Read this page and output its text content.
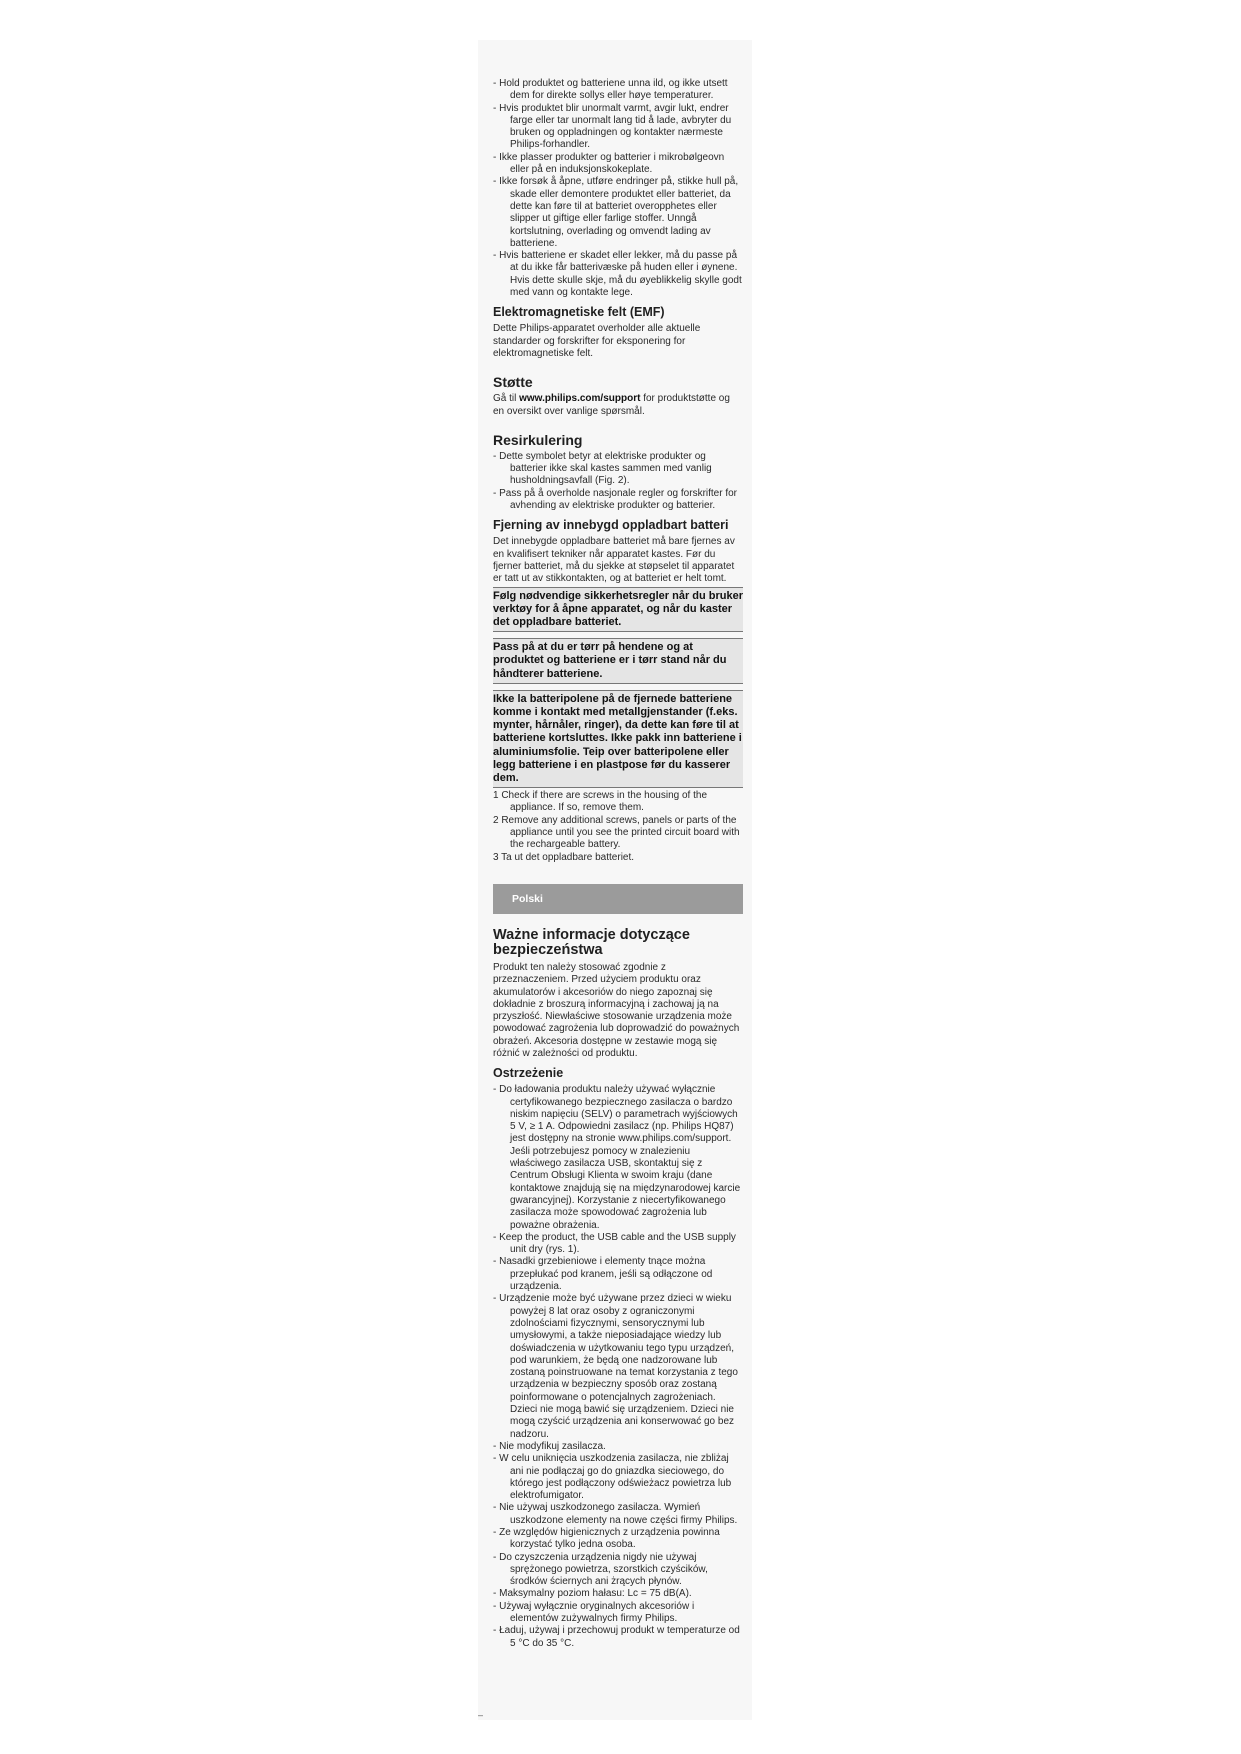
- Hold produktet og batteriene unna ild, og ikke utsett dem for direkte sollys eller høye temperaturer.
- Hvis produktet blir unormalt varmt, avgir lukt, endrer farge eller tar unormalt lang tid å lade, avbryter du bruken og oppladningen og kontakter nærmeste Philips-forhandler.
- Ikke plasser produkter og batterier i mikrobølgeovn eller på en induksjonskokeplate.
- Ikke forsøk å åpne, utføre endringer på, stikke hull på, skade eller demontere produktet eller batteriet, da dette kan føre til at batteriet overopphetes eller slipper ut giftige eller farlige stoffer. Unngå kortslutning, overlading og omvendt lading av batteriene.
- Hvis batteriene er skadet eller lekker, må du passe på at du ikke får batterivæske på huden eller i øynene. Hvis dette skulle skje, må du øyeblikkelig skylle godt med vann og kontakte lege.
Elektromagnetiske felt (EMF)

Dette Philips-apparatet overholder alle aktuelle standarder og forskrifter for eksponering for elektromagnetiske felt.

Støtte

Gå til www.philips.com/support for produktstøtte og en oversikt over vanlige spørsmål.

Resirkulering
- Dette symbolet betyr at elektriske produkter og batterier ikke skal kastes sammen med vanlig husholdningsavfall (Fig. 2).
- Pass på å overholde nasjonale regler og forskrifter for avhending av elektriske produkter og batterier.
Fjerning av innebygd oppladbart batteri

Det innebygde oppladbare batteriet må bare fjernes av en kvalifisert tekniker når apparatet kastes. Før du fjerner batteriet, må du sjekke at støpselet til apparatet er tatt ut av stikkontakten, og at batteriet er helt tomt.

Følg nødvendige sikkerhetsregler når du bruker verktøy for å åpne apparatet, og når du kaster det oppladbare batteriet.
Pass på at du er tørr på hendene og at produktet og batteriene er i tørr stand når du håndterer batteriene.
Ikke la batteripolene på de fjernede batteriene komme i kontakt med metallgjenstander (f.eks. mynter, hårnåler, ringer), da dette kan føre til at batteriene kortsluttes. Ikke pakk inn batteriene i aluminiumsfolie. Teip over batteripolene eller legg batteriene i en plastpose før du kasserer dem.
1 Check if there are screws in the housing of the appliance. If so, remove them.
2 Remove any additional screws, panels or parts of the appliance until you see the printed circuit board with the rechargeable battery.
3 Ta ut det oppladbare batteriet.
Polski
Ważne informacje dotyczące bezpieczeństwa

Produkt ten należy stosować zgodnie z przeznaczeniem. Przed użyciem produktu oraz akumulatorów i akcesoriów do niego zapoznaj się dokładnie z broszurą informacyjną i zachowaj ją na przyszłość. Niewłaściwe stosowanie urządzenia może powodować zagrożenia lub doprowadzić do poważnych obrażeń. Akcesoria dostępne w zestawie mogą się różnić w zależności od produktu.

Ostrzeżenie
- Do ładowania produktu należy używać wyłącznie certyfikowanego bezpiecznego zasilacza o bardzo niskim napięciu (SELV) o parametrach wyjściowych 5 V, ≥ 1 A. Odpowiedni zasilacz (np. Philips HQ87) jest dostępny na stronie www.philips.com/support. Jeśli potrzebujesz pomocy w znalezieniu właściwego zasilacza USB, skontaktuj się z Centrum Obsługi Klienta w swoim kraju (dane kontaktowe znajdują się na międzynarodowej karcie gwarancyjnej). Korzystanie z niecertyfikowanego zasilacza może spowodować zagrożenia lub poważne obrażenia.
- Keep the product, the USB cable and the USB supply unit dry (rys. 1).
- Nasadki grzebieniowe i elementy tnące można przepłukać pod kranem, jeśli są odłączone od urządzenia.
- Urządzenie może być używane przez dzieci w wieku powyżej 8 lat oraz osoby z ograniczonymi zdolnościami fizycznymi, sensorycznymi lub umysłowymi, a także nieposiadające wiedzy lub doświadczenia w użytkowaniu tego typu urządzeń, pod warunkiem, że będą one nadzorowane lub zostaną poinstruowane na temat korzystania z tego urządzenia w bezpieczny sposób oraz zostaną poinformowane o potencjalnych zagrożeniach. Dzieci nie mogą bawić się urządzeniem. Dzieci nie mogą czyścić urządzenia ani konserwować go bez nadzoru.
- Nie modyfikuj zasilacza.
- W celu uniknięcia uszkodzenia zasilacza, nie zbliżaj ani nie podłączaj go do gniazdka sieciowego, do którego jest podłączony odświeżacz powietrza lub elektrofumigator.
- Nie używaj uszkodzonego zasilacza. Wymień uszkodzone elementy na nowe części firmy Philips.
- Ze względów higienicznych z urządzenia powinna korzystać tylko jedna osoba.
- Do czyszczenia urządzenia nigdy nie używaj sprężonego powietrza, szorstkich czyścików, środków ściernych ani żrących płynów.
- Maksymalny poziom hałasu: Lc = 75 dB(A).
- Używaj wyłącznie oryginalnych akcesoriów i elementów zużywalnych firmy Philips.
- Ładuj, używaj i przechowuj produkt w temperaturze od 5 °C do 35 °C.
–
